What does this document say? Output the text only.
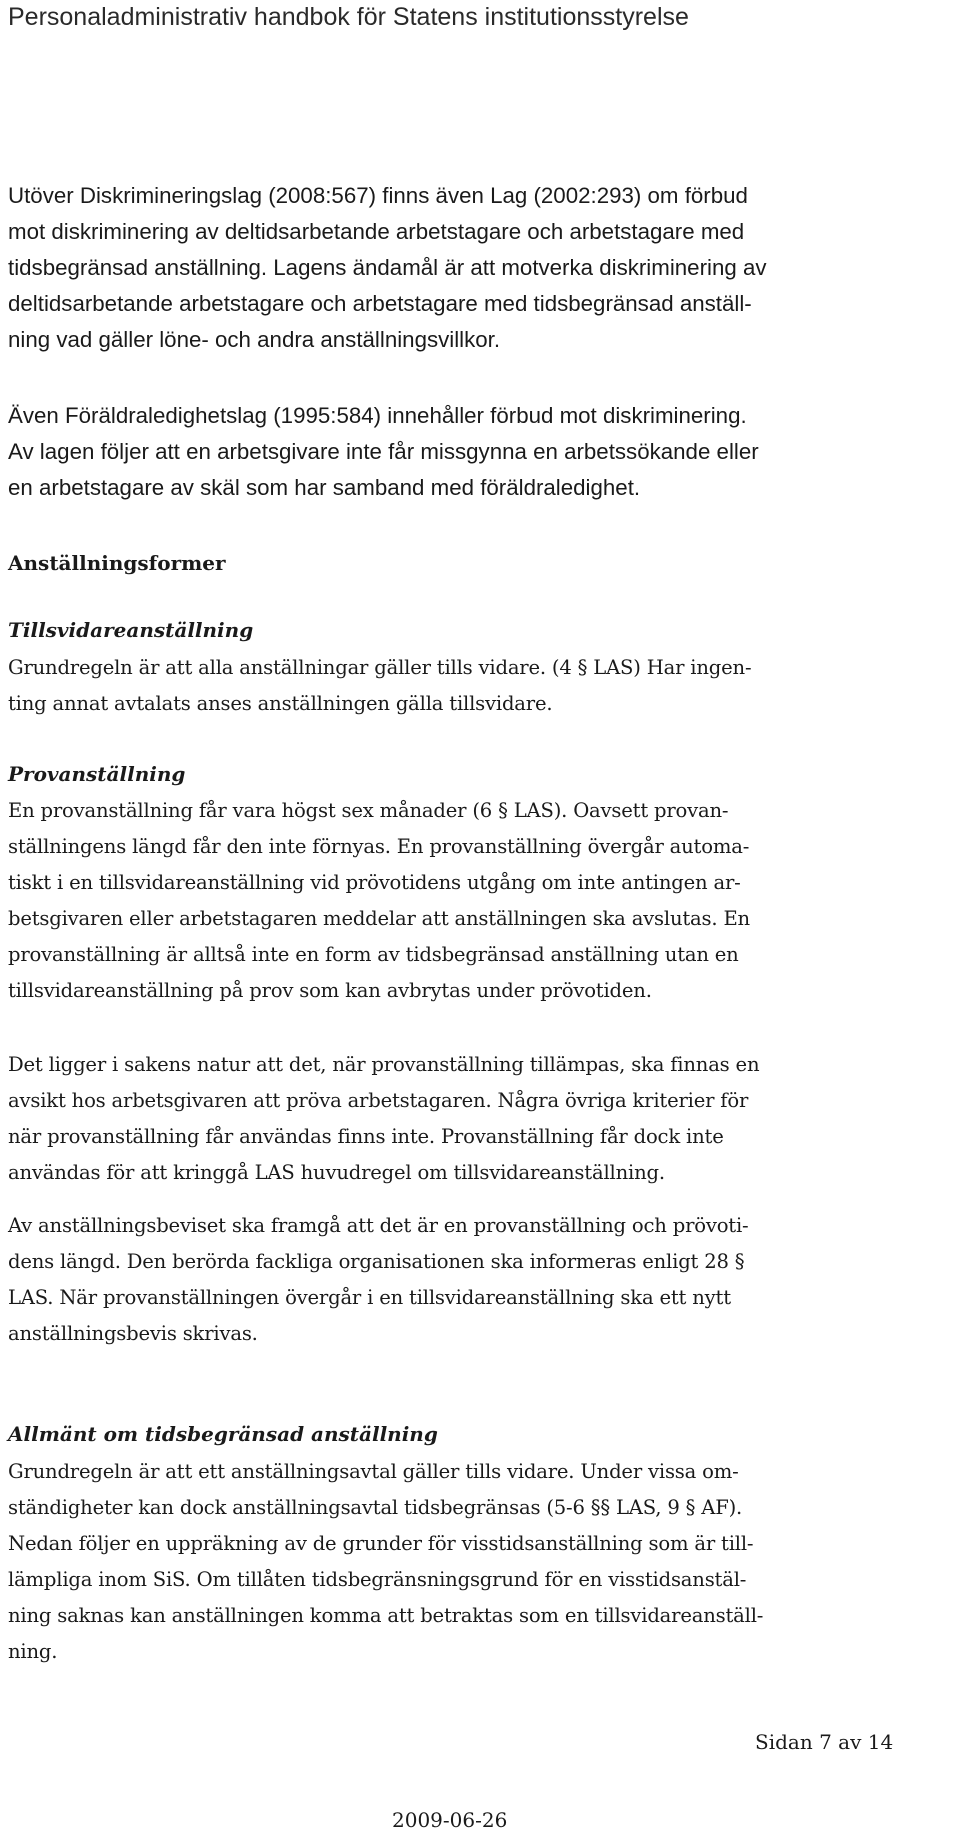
Personaladministrativ handbok för Statens institutionsstyrelse
Utöver Diskrimineringslag (2008:567) finns även Lag (2002:293) om förbud
mot diskriminering av deltidsarbetande arbetstagare och arbetstagare med
tidsbegränsad anställning. Lagens ändamål är att motverka diskriminering av
deltidsarbetande arbetstagare och arbetstagare med tidsbegränsad anställ-
ning vad gäller löne- och andra anställningsvillkor.
Även Föräldraledighetslag (1995:584) innehåller förbud mot diskriminering.
Av lagen följer att en arbetsgivare inte får missgynna en arbetssökande eller
en arbetstagare av skäl som har samband med föräldraledighet.
Anställningsformer
Tillsvidareanställning
Grundregeln är att alla anställningar gäller tills vidare. (4 § LAS) Har ingen-
ting annat avtalats anses anställningen gälla tillsvidare.
Provanställning
En provanställning får vara högst sex månader (6 § LAS). Oavsett provan-
ställningens längd får den inte förnyas. En provanställning övergår automa-
tiskt i en tillsvidareanställning vid prövotidens utgång om inte antingen ar-
betsgivaren eller arbetstagaren meddelar att anställningen ska avslutas. En
provanställning är alltså inte en form av tidsbegränsad anställning utan en
tillsvidareanställning på prov som kan avbrytas under prövotiden.
Det ligger i sakens natur att det, när provanställning tillämpas, ska finnas en
avsikt hos arbetsgivaren att pröva arbetstagaren. Några övriga kriterier för
när provanställning får användas finns inte. Provanställning får dock inte
användas för att kringgå LAS huvudregel om tillsvidareanställning.
Av anställningsbeviset ska framgå att det är en provanställning och prövoti-
dens längd. Den berörda fackliga organisationen ska informeras enligt 28 §
LAS. När provanställningen övergår i en tillsvidareanställning ska ett nytt
anställningsbevis skrivas.
Allmänt om tidsbegränsad anställning
Grundregeln är att ett anställningsavtal gäller tills vidare. Under vissa om-
ständigheter kan dock anställningsavtal tidsbegränsas (5-6 §§ LAS, 9 § AF).
Nedan följer en uppräkning av de grunder för visstidsanställning som är till-
lämpliga inom SiS. Om tillåten tidsbegränsningsgrund för en visstidsanstäl-
ning saknas kan anställningen komma att betraktas som en tillsvidareanställ-
ning.
Sidan 7 av 14
2009-06-26
